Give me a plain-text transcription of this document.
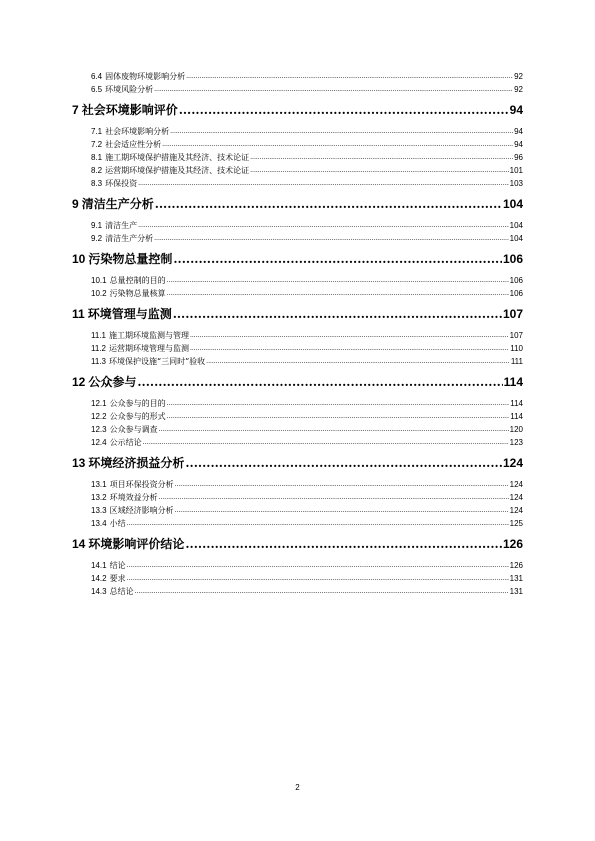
6.4 固体废物环境影响分析 .....	92
6.5 环境风险分析 .....	92
7 社会环境影响评价 .....	94
7.1 社会环境影响分析 .....	94
7.2 社会适应性分析 .....	94
8.1 施工期环境保护措施及其经济、技术论证 .....	96
8.2 运营期环境保护措施及其经济、技术论证 .....	101
8.3 环保投资 .....	103
9 清洁生产分析 .....	104
9.1 清洁生产 .....	104
9.2 清洁生产分析 .....	104
10 污染物总量控制 .....	106
10.1 总量控制的目的 .....	106
10.2 污染物总量核算 .....	106
11 环境管理与监测 .....	107
11.1 施工期环境监测与管理 .....	107
11.2 运营期环境管理与监测 .....	110
11.3 环境保护设施“三同时”验收 .....	111
12 公众参与 .....	114
12.1 公众参与的目的 .....	114
12.2 公众参与的形式 .....	114
12.3 公众参与调查 .....	120
12.4 公示结论 .....	123
13 环境经济损益分析 .....	124
13.1 项目环保投资分析 .....	124
13.2 环境效益分析 .....	124
13.3 区域经济影响分析 .....	124
13.4 小结 .....	125
14 环境影响评价结论 .....	126
14.1 结论 .....	126
14.2 要求 .....	131
14.3 总结论 .....	131
2
